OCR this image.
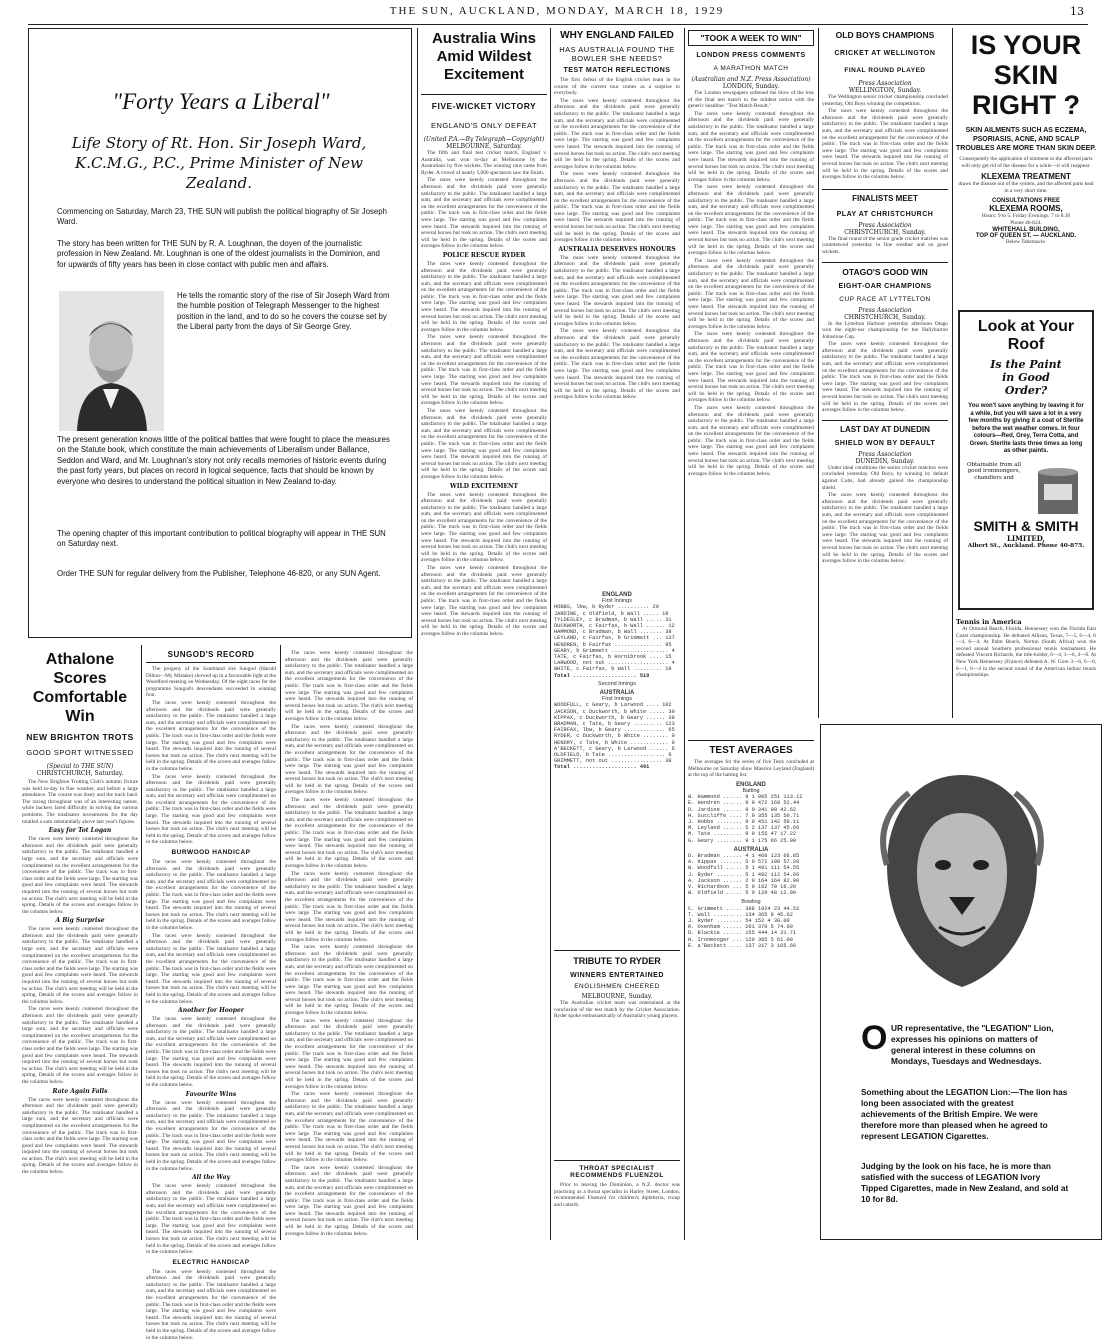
THE SUN, AUCKLAND, MONDAY, MARCH 18, 1929	13
"Forty Years a Liberal"
Life Story of Rt. Hon. Sir Joseph Ward, K.C.M.G., P.C., Prime Minister of New Zealand.
Commencing on Saturday, March 23, THE SUN will publish the political biography of Sir Joseph Ward.
The story has been written for THE SUN by R. A. Loughnan, the doyen of the journalistic profession in New Zealand. Mr. Loughnan is one of the oldest journalists in the Dominion, and for upwards of fifty years has been in close contact with public men and affairs.
He tells the romantic story of the rise of Sir Joseph Ward from the humble position of Telegraph Messenger to the highest position in the land, and to do so he covers the course set by the Liberal party from the days of Sir George Grey.
The present generation knows little of the political battles that were fought to place the measures on the Statute book, which constitute the main achievements of Liberalism under Ballance, Seddon and Ward, and Mr. Loughnan's story not only recalls memories of historic events during the past forty years, but places on record in logical sequence, facts that should be known by everyone who desires to understand the political situation in New Zealand to-day.
The opening chapter of this important contribution to political biography will appear in THE SUN on Saturday next.
Order THE SUN for regular delivery from the Publisher, Telephone 46-820, or any SUN Agent.
Athalone Scores Comfortable Win
NEW BRIGHTON TROTS
GOOD SPORT WITNESSED
(Special to THE SUN)
CHRISTCHURCH, Saturday.

The New Brighton Trotting Club's autumn fixture was held to-day in fine weather, and before a large attendance. The course was dusty and the track hard. The racing throughout was of an interesting nature, while backers fared difficulty in solving the various problems. The totalisator investments for the day totalled a sum substantially above last year's figures.

Easy for Tot Logan

The races were keenly contested throughout the afternoon and the dividends paid were generally satisfactory to the public. The totalisator handled a large sum, and the secretary and officials were complimented on the excellent arrangements for the convenience of the public. The track was in first-class order and the fields were large. The starting was good and few complaints were heard. The stewards inquired into the running of several horses but took no action. The club's next meeting will be held in the spring. Details of the scores and averages follow in the columns below.

A Big Surprise

The races were keenly contested throughout the afternoon and the dividends paid were generally satisfactory to the public. The totalisator handled a large sum, and the secretary and officials were complimented on the excellent arrangements for the convenience of the public. The track was in first-class order and the fields were large. The starting was good and few complaints were heard. The stewards inquired into the running of several horses but took no action. The club's next meeting will be held in the spring. Details of the scores and averages follow in the columns below.

The races were keenly contested throughout the afternoon and the dividends paid were generally satisfactory to the public. The totalisator handled a large sum, and the secretary and officials were complimented on the excellent arrangements for the convenience of the public. The track was in first-class order and the fields were large. The starting was good and few complaints were heard. The stewards inquired into the running of several horses but took no action. The club's next meeting will be held in the spring. Details of the scores and averages follow in the columns below.

Rate Again Falls

The races were keenly contested throughout the afternoon and the dividends paid were generally satisfactory to the public. The totalisator handled a large sum, and the secretary and officials were complimented on the excellent arrangements for the convenience of the public. The track was in first-class order and the fields were large. The starting was good and few complaints were heard. The stewards inquired into the running of several horses but took no action. The club's next meeting will be held in the spring. Details of the scores and averages follow in the columns below.

SUNGOD'S RECORD

The progeny of the Southland sire Sungod (Harold Dillon—My Mistake) showed up in a favourable light at the Woodford meeting on Wednesday. Of the eight races for the programme Sungod's descendants succeeded in winning four.

The races were keenly contested throughout the afternoon and the dividends paid were generally satisfactory to the public. The totalisator handled a large sum, and the secretary and officials were complimented on the excellent arrangements for the convenience of the public. The track was in first-class order and the fields were large. The starting was good and few complaints were heard. The stewards inquired into the running of several horses but took no action. The club's next meeting will be held in the spring. Details of the scores and averages follow in the columns below.

The races were keenly contested throughout the afternoon and the dividends paid were generally satisfactory to the public. The totalisator handled a large sum, and the secretary and officials were complimented on the excellent arrangements for the convenience of the public. The track was in first-class order and the fields were large. The starting was good and few complaints were heard. The stewards inquired into the running of several horses but took no action. The club's next meeting will be held in the spring. Details of the scores and averages follow in the columns below.

BURWOOD HANDICAP

The races were keenly contested throughout the afternoon and the dividends paid were generally satisfactory to the public. The totalisator handled a large sum, and the secretary and officials were complimented on the excellent arrangements for the convenience of the public. The track was in first-class order and the fields were large. The starting was good and few complaints were heard. The stewards inquired into the running of several horses but took no action. The club's next meeting will be held in the spring. Details of the scores and averages follow in the columns below.

The races were keenly contested throughout the afternoon and the dividends paid were generally satisfactory to the public. The totalisator handled a large sum, and the secretary and officials were complimented on the excellent arrangements for the convenience of the public. The track was in first-class order and the fields were large. The starting was good and few complaints were heard. The stewards inquired into the running of several horses but took no action. The club's next meeting will be held in the spring. Details of the scores and averages follow in the columns below.

Another for Hooper

The races were keenly contested throughout the afternoon and the dividends paid were generally satisfactory to the public. The totalisator handled a large sum, and the secretary and officials were complimented on the excellent arrangements for the convenience of the public. The track was in first-class order and the fields were large. The starting was good and few complaints were heard. The stewards inquired into the running of several horses but took no action. The club's next meeting will be held in the spring. Details of the scores and averages follow in the columns below.

Favourite Wins

The races were keenly contested throughout the afternoon and the dividends paid were generally satisfactory to the public. The totalisator handled a large sum, and the secretary and officials were complimented on the excellent arrangements for the convenience of the public. The track was in first-class order and the fields were large. The starting was good and few complaints were heard. The stewards inquired into the running of several horses but took no action. The club's next meeting will be held in the spring. Details of the scores and averages follow in the columns below.

All the Way

The races were keenly contested throughout the afternoon and the dividends paid were generally satisfactory to the public. The totalisator handled a large sum, and the secretary and officials were complimented on the excellent arrangements for the convenience of the public. The track was in first-class order and the fields were large. The starting was good and few complaints were heard. The stewards inquired into the running of several horses but took no action. The club's next meeting will be held in the spring. Details of the scores and averages follow in the columns below.

ELECTRIC HANDICAP

The races were keenly contested throughout the afternoon and the dividends paid were generally satisfactory to the public. The totalisator handled a large sum, and the secretary and officials were complimented on the excellent arrangements for the convenience of the public. The track was in first-class order and the fields were large. The starting was good and few complaints were heard. The stewards inquired into the running of several horses but took no action. The club's next meeting will be held in the spring. Details of the scores and averages follow in the columns below.

The races were keenly contested throughout the afternoon and the dividends paid were generally satisfactory to the public. The totalisator handled a large sum, and the secretary and officials were complimented on the excellent arrangements for the convenience of the public. The track was in first-class order and the fields were large. The starting was good and few complaints were heard. The stewards inquired into the running of several horses but took no action. The club's next meeting will be held in the spring. Details of the scores and averages follow in the columns below.

The races were keenly contested throughout the afternoon and the dividends paid were generally satisfactory to the public. The totalisator handled a large sum, and the secretary and officials were complimented on the excellent arrangements for the convenience of the public. The track was in first-class order and the fields were large. The starting was good and few complaints were heard. The stewards inquired into the running of several horses but took no action. The club's next meeting will be held in the spring. Details of the scores and averages follow in the columns below.

The races were keenly contested throughout the afternoon and the dividends paid were generally satisfactory to the public. The totalisator handled a large sum, and the secretary and officials were complimented on the excellent arrangements for the convenience of the public. The track was in first-class order and the fields were large. The starting was good and few complaints were heard. The stewards inquired into the running of several horses but took no action. The club's next meeting will be held in the spring. Details of the scores and averages follow in the columns below.

The races were keenly contested throughout the afternoon and the dividends paid were generally satisfactory to the public. The totalisator handled a large sum, and the secretary and officials were complimented on the excellent arrangements for the convenience of the public. The track was in first-class order and the fields were large. The starting was good and few complaints were heard. The stewards inquired into the running of several horses but took no action. The club's next meeting will be held in the spring. Details of the scores and averages follow in the columns below.

The races were keenly contested throughout the afternoon and the dividends paid were generally satisfactory to the public. The totalisator handled a large sum, and the secretary and officials were complimented on the excellent arrangements for the convenience of the public. The track was in first-class order and the fields were large. The starting was good and few complaints were heard. The stewards inquired into the running of several horses but took no action. The club's next meeting will be held in the spring. Details of the scores and averages follow in the columns below.

The races were keenly contested throughout the afternoon and the dividends paid were generally satisfactory to the public. The totalisator handled a large sum, and the secretary and officials were complimented on the excellent arrangements for the convenience of the public. The track was in first-class order and the fields were large. The starting was good and few complaints were heard. The stewards inquired into the running of several horses but took no action. The club's next meeting will be held in the spring. Details of the scores and averages follow in the columns below.

The races were keenly contested throughout the afternoon and the dividends paid were generally satisfactory to the public. The totalisator handled a large sum, and the secretary and officials were complimented on the excellent arrangements for the convenience of the public. The track was in first-class order and the fields were large. The starting was good and few complaints were heard. The stewards inquired into the running of several horses but took no action. The club's next meeting will be held in the spring. Details of the scores and averages follow in the columns below.

The races were keenly contested throughout the afternoon and the dividends paid were generally satisfactory to the public. The totalisator handled a large sum, and the secretary and officials were complimented on the excellent arrangements for the convenience of the public. The track was in first-class order and the fields were large. The starting was good and few complaints were heard. The stewards inquired into the running of several horses but took no action. The club's next meeting will be held in the spring. Details of the scores and averages follow in the columns below.

Australia Wins Amid Wildest Excitement
FIVE-WICKET VICTORY
ENGLAND'S ONLY DEFEAT
(United P.A.—By Telegraph—Copyright)
MELBOURNE, Saturday.

The fifth and final test cricket match, England v. Australia, was won to-day at Melbourne by the Australians by five wickets. The winning runs came from Ryder. A crowd of nearly 5,000 spectators saw the finish.

The races were keenly contested throughout the afternoon and the dividends paid were generally satisfactory to the public. The totalisator handled a large sum, and the secretary and officials were complimented on the excellent arrangements for the convenience of the public. The track was in first-class order and the fields were large. The starting was good and few complaints were heard. The stewards inquired into the running of several horses but took no action. The club's next meeting will be held in the spring. Details of the scores and averages follow in the columns below.

POLICE RESCUE RYDER

The races were keenly contested throughout the afternoon and the dividends paid were generally satisfactory to the public. The totalisator handled a large sum, and the secretary and officials were complimented on the excellent arrangements for the convenience of the public. The track was in first-class order and the fields were large. The starting was good and few complaints were heard. The stewards inquired into the running of several horses but took no action. The club's next meeting will be held in the spring. Details of the scores and averages follow in the columns below.

The races were keenly contested throughout the afternoon and the dividends paid were generally satisfactory to the public. The totalisator handled a large sum, and the secretary and officials were complimented on the excellent arrangements for the convenience of the public. The track was in first-class order and the fields were large. The starting was good and few complaints were heard. The stewards inquired into the running of several horses but took no action. The club's next meeting will be held in the spring. Details of the scores and averages follow in the columns below.

The races were keenly contested throughout the afternoon and the dividends paid were generally satisfactory to the public. The totalisator handled a large sum, and the secretary and officials were complimented on the excellent arrangements for the convenience of the public. The track was in first-class order and the fields were large. The starting was good and few complaints were heard. The stewards inquired into the running of several horses but took no action. The club's next meeting will be held in the spring. Details of the scores and averages follow in the columns below.

WILD EXCITEMENT

The races were keenly contested throughout the afternoon and the dividends paid were generally satisfactory to the public. The totalisator handled a large sum, and the secretary and officials were complimented on the excellent arrangements for the convenience of the public. The track was in first-class order and the fields were large. The starting was good and few complaints were heard. The stewards inquired into the running of several horses but took no action. The club's next meeting will be held in the spring. Details of the scores and averages follow in the columns below.

The races were keenly contested throughout the afternoon and the dividends paid were generally satisfactory to the public. The totalisator handled a large sum, and the secretary and officials were complimented on the excellent arrangements for the convenience of the public. The track was in first-class order and the fields were large. The starting was good and few complaints were heard. The stewards inquired into the running of several horses but took no action. The club's next meeting will be held in the spring. Details of the scores and averages follow in the columns below.

WHY ENGLAND FAILED
HAS AUSTRALIA FOUND THE BOWLER SHE NEEDS?
TEST MATCH REFLECTIONS

The first defeat of the English cricket team in the course of the current tour comes as a surprise to everybody.

The races were keenly contested throughout the afternoon and the dividends paid were generally satisfactory to the public. The totalisator handled a large sum, and the secretary and officials were complimented on the excellent arrangements for the convenience of the public. The track was in first-class order and the fields were large. The starting was good and few complaints were heard. The stewards inquired into the running of several horses but took no action. The club's next meeting will be held in the spring. Details of the scores and averages follow in the columns below.

The races were keenly contested throughout the afternoon and the dividends paid were generally satisfactory to the public. The totalisator handled a large sum, and the secretary and officials were complimented on the excellent arrangements for the convenience of the public. The track was in first-class order and the fields were large. The starting was good and few complaints were heard. The stewards inquired into the running of several horses but took no action. The club's next meeting will be held in the spring. Details of the scores and averages follow in the columns below.

AUSTRALIA DESERVES HONOURS

The races were keenly contested throughout the afternoon and the dividends paid were generally satisfactory to the public. The totalisator handled a large sum, and the secretary and officials were complimented on the excellent arrangements for the convenience of the public. The track was in first-class order and the fields were large. The starting was good and few complaints were heard. The stewards inquired into the running of several horses but took no action. The club's next meeting will be held in the spring. Details of the scores and averages follow in the columns below.

The races were keenly contested throughout the afternoon and the dividends paid were generally satisfactory to the public. The totalisator handled a large sum, and the secretary and officials were complimented on the excellent arrangements for the convenience of the public. The track was in first-class order and the fields were large. The starting was good and few complaints were heard. The stewards inquired into the running of several horses but took no action. The club's next meeting will be held in the spring. Details of the scores and averages follow in the columns below.

ENGLAND
First Innings
HOBBS, lbw, b Ryder .......... 20
JARDINE, c Oldfield, b Wall ..... 19
TYLDESLEY, c Bradman, b Wall ..... 31
DUCKWORTH, c Fairfax, b Wall ...... 12
HAMMOND, c Bradman, b Wall ....... 38
LEYLAND, c Fairfax, b Grimmett ... 137
HENDREN, b Fairfax ............... 95
GEARY, b Grimmett .................. 4
TATE, c Fairfax, b Hornibrook .... 15
LARWOOD, not out ................... 4
WHITE, c Fairfax, b Wall ......... 19
Total .................... 519
Second Innings
AUSTRALIA
First Innings
WOODFULL, c Geary, b Larwood .... 102
JACKSON, c Duckworth, b White ..... 30
KIPPAX, c Duckworth, b Geary ...... 38
BRADMAN, c Tate, b Geary ......... 123
FAIRFAX, lbw, b Geary ............. 65
RYDER, c Duckworth, b White ........ 0
HENDRY, c Tate, b White ............ 0
A'BECKETT, c Geary, b Larwood ...... 6
OLDFIELD, b Tate .................. 6
GRIMMETT, not out ................ 38
Total .................... 491
TRIBUTE TO RYDER
WINNERS ENTERTAINED
ENGLISHMEN CHEERED
MELBOURNE, Sunday.

The Australian cricket team was entertained at the conclusion of the test match by the Cricket Association. Ryder spoke enthusiastically of Australia's young players.

THROAT SPECIALIST RECOMMENDS FLUENZOL

Prior to leaving the Dominion, a N.Z. doctor was practising as a throat specialist in Harley Street, London, recommended Fluenzol for children's diphtheria, croup and catarrh.

"TOOK A WEEK TO WIN"
LONDON PRESS COMMENTS
A MARATHON MATCH
(Australian and N.Z. Press Association)
LONDON, Sunday.

The London newspapers softened the blow of the loss of the final test match to the mildest notice with the generic headline: "Test Match Result."

The races were keenly contested throughout the afternoon and the dividends paid were generally satisfactory to the public. The totalisator handled a large sum, and the secretary and officials were complimented on the excellent arrangements for the convenience of the public. The track was in first-class order and the fields were large. The starting was good and few complaints were heard. The stewards inquired into the running of several horses but took no action. The club's next meeting will be held in the spring. Details of the scores and averages follow in the columns below.

The races were keenly contested throughout the afternoon and the dividends paid were generally satisfactory to the public. The totalisator handled a large sum, and the secretary and officials were complimented on the excellent arrangements for the convenience of the public. The track was in first-class order and the fields were large. The starting was good and few complaints were heard. The stewards inquired into the running of several horses but took no action. The club's next meeting will be held in the spring. Details of the scores and averages follow in the columns below.

The races were keenly contested throughout the afternoon and the dividends paid were generally satisfactory to the public. The totalisator handled a large sum, and the secretary and officials were complimented on the excellent arrangements for the convenience of the public. The track was in first-class order and the fields were large. The starting was good and few complaints were heard. The stewards inquired into the running of several horses but took no action. The club's next meeting will be held in the spring. Details of the scores and averages follow in the columns below.

The races were keenly contested throughout the afternoon and the dividends paid were generally satisfactory to the public. The totalisator handled a large sum, and the secretary and officials were complimented on the excellent arrangements for the convenience of the public. The track was in first-class order and the fields were large. The starting was good and few complaints were heard. The stewards inquired into the running of several horses but took no action. The club's next meeting will be held in the spring. Details of the scores and averages follow in the columns below.

The races were keenly contested throughout the afternoon and the dividends paid were generally satisfactory to the public. The totalisator handled a large sum, and the secretary and officials were complimented on the excellent arrangements for the convenience of the public. The track was in first-class order and the fields were large. The starting was good and few complaints were heard. The stewards inquired into the running of several horses but took no action. The club's next meeting will be held in the spring. Details of the scores and averages follow in the columns below.

TEST AVERAGES

The averages for the series of five Tests concluded at Melbourne on Saturday show Maurice Leyland (England) at the top of the batting list.

ENGLAND
Batting
W. Hammond ...... 9 1 905 251 113.12
E. Hendren ...... 9 0 472 169 52.44
D. Jardine ...... 9 0 341 98 42.62
H. Sutcliffe .... 7 0 355 135 50.71
J. Hobbs ........ 9 0 451 142 50.11
M. Leyland ...... 5 2 137 137 45.66
M. Tate ......... 9 0 155 47 17.22
G. Geary ........ 9 1 175 66 25.00
AUSTRALIA
D. Bradman ...... 4 1 468 123 66.85
A. Kippax ....... 5 0 572 100 57.20
W. Woodfull ..... 5 1 491 111 54.55
J. Ryder ........ 5 1 492 112 54.66
A. Jackson ...... 2 0 164 164 82.00
V. Richardson ... 5 0 162 79 16.20
W. Oldfield ..... 5 0 129 48 12.90
Bowling
C. Grimmett ..... 398 1024 23 44.52
T. Wall ......... 134 365 8 45.62
J. Ryder ........ 54 152 4 38.00
R. Oxenham ...... 201 370 5 74.00
D. Blackie ...... 155 444 14 31.71
H. Ironmonger ... 120 305 5 61.00
E. a'Beckett .... 137 317 3 105.66
OLD BOYS CHAMPIONS
CRICKET AT WELLINGTON
FINAL ROUND PLAYED
Press Association
WELLINGTON, Sunday.

The Wellington senior cricket championship concluded yesterday, Old Boys winning the competition.

The races were keenly contested throughout the afternoon and the dividends paid were generally satisfactory to the public. The totalisator handled a large sum, and the secretary and officials were complimented on the excellent arrangements for the convenience of the public. The track was in first-class order and the fields were large. The starting was good and few complaints were heard. The stewards inquired into the running of several horses but took no action. The club's next meeting will be held in the spring. Details of the scores and averages follow in the columns below.

FINALISTS MEET
PLAY AT CHRISTCHURCH
Press Association
CHRISTCHURCH, Sunday.

The final round of the senior grade cricket matches was commenced yesterday in fine weather and on good wickets.

OTAGO'S GOOD WIN
EIGHT-OAR CHAMPIONS
CUP RACE AT LYTTELTON
Press Association
CHRISTCHURCH, Sunday.

In the Lyttelton Harbour yesterday afternoon Otago won the eight-oar championship for the Hallyburton Johnstone Cup.

The races were keenly contested throughout the afternoon and the dividends paid were generally satisfactory to the public. The totalisator handled a large sum, and the secretary and officials were complimented on the excellent arrangements for the convenience of the public. The track was in first-class order and the fields were large. The starting was good and few complaints were heard. The stewards inquired into the running of several horses but took no action. The club's next meeting will be held in the spring. Details of the scores and averages follow in the columns below.

LAST DAY AT DUNEDIN
SHIELD WON BY DEFAULT
Press Association
DUNEDIN, Sunday.

Under ideal conditions the senior cricket matches were concluded yesterday. Old Boys, by winning by default against Colts, had already gained the championship shield.

The races were keenly contested throughout the afternoon and the dividends paid were generally satisfactory to the public. The totalisator handled a large sum, and the secretary and officials were complimented on the excellent arrangements for the convenience of the public. The track was in first-class order and the fields were large. The starting was good and few complaints were heard. The stewards inquired into the running of several horses but took no action. The club's next meeting will be held in the spring. Details of the scores and averages follow in the columns below.

IS YOUR
SKIN RIGHT ?
SKIN AILMENTS SUCH AS ECZEMA, PSORIASIS, ACNE, AND SCALP TROUBLES ARE MORE THAN SKIN DEEP.
Consequently the application of ointment to the affected parts will only get rid of the disease for a while—it will reappear.
KLEXEMA TREATMENT
draws the disease out of the system, and the affected parts heal in a very short time.
CONSULTATIONS FREE
KLEXEMA ROOMS,
Hours: 9 to 5. Friday Evenings: 7 to 8.30
Phone 46-824.
WHITEHALL BUILDING,
TOP OF QUEEN ST. — AUCKLAND.
Below Tabernacle.
Look at Your
Roof
Is the Paint
in Good
Order?
You won't save anything by leaving it for a while, but you will save a lot in a very few months by giving it a coat of Sterlite before the wet weather comes. In four colours—Red, Grey, Terra Cotta, and Green. Sterlite lasts three times as long as other paints.
Obtainable from all good ironmongers, chandlers and
SMITH & SMITH
LIMITED,
Albert St., Auckland. Phone 40-875.
Tennis in America

At Ormond Beach, Florida, Hennessey won the Florida East Coast championship. He defeated Allison, Texas, 7—5, 6—4, 6—4, 6—4. At Palm Beach, Norton (South Africa) won the second annual Southern professional tennis tournament. He defeated Vincent Richards, the title-holder, 6—4, 1—6, 4—6. At New York Hennessey (France) defeated A. W. Gore 3—6, 6—0, 6—1, 6—4 in the second round of the American indoor tennis championships.

O UR representative, the "LEGATION" Lion, expresses his opinions on matters of general interest in these columns on Mondays, Tuesdays and Wednesdays.
Something about the LEGATION Lion:—The lion has long been associated with the greatest achievements of the British Empire. We were therefore more than pleased when he agreed to represent LEGATION Cigarettes.
Judging by the look on his face, he is more than satisfied with the success of LEGATION Ivory Tipped Cigarettes, made in New Zealand, and sold at 10 for 8d.
